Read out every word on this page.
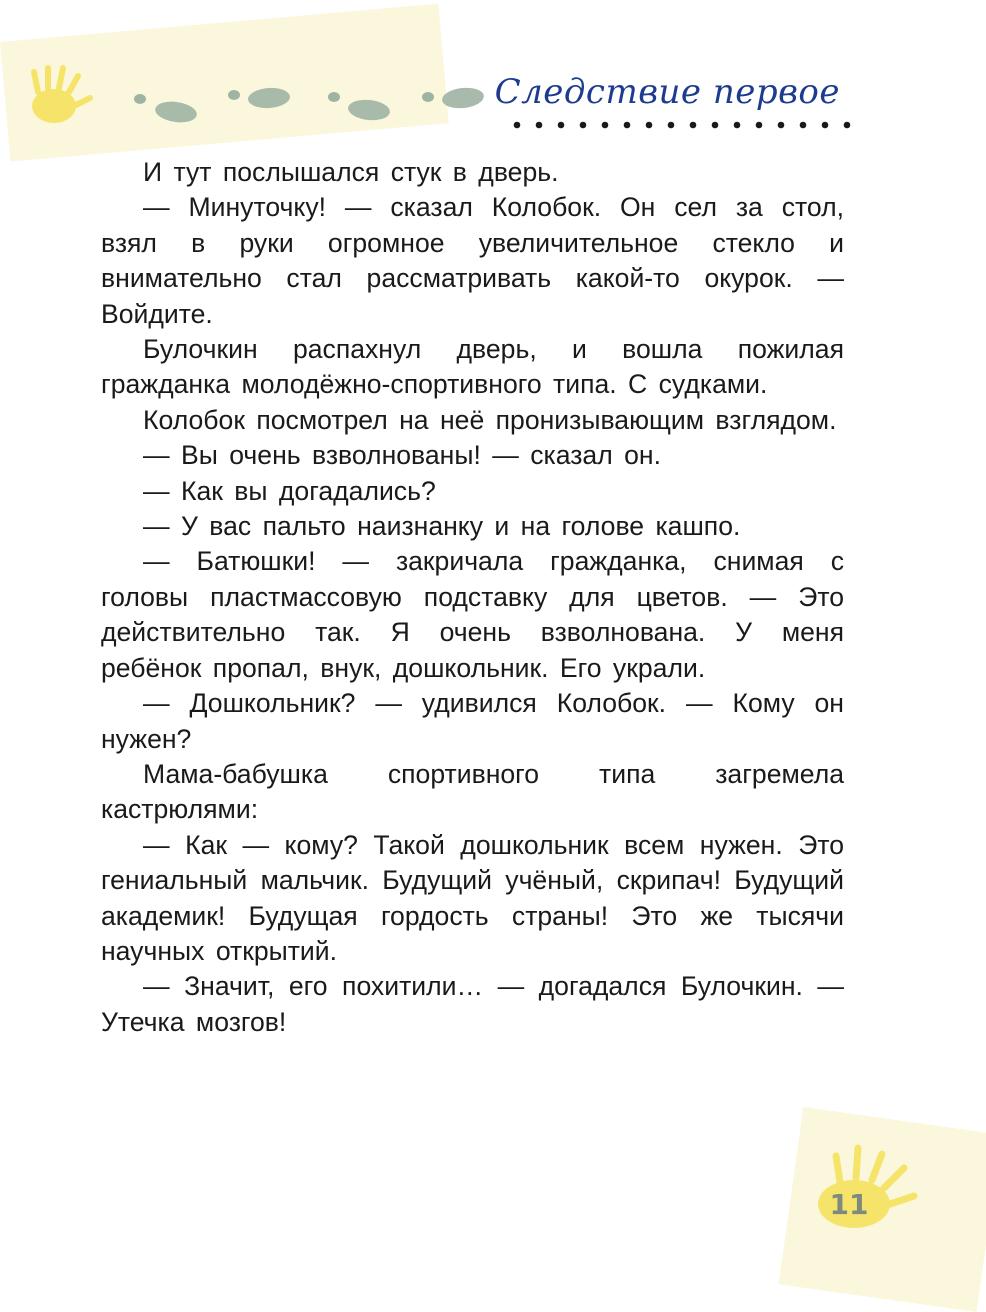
Следствие первое

И тут послышался стук в дверь.

— Минуточку! — сказал Колобок. Он сел за стол, взял в руки огромное увеличительное стекло и внимательно стал рассматривать какой-то окурок. — Войдите.

Булочкин распахнул дверь, и вошла пожилая гражданка молодёжно-спортивного типа. С судками.

Колобок посмотрел на неё пронизывающим взглядом.

— Вы очень взволнованы! — сказал он.

— Как вы догадались?

— У вас пальто наизнанку и на голове кашпо.

— Батюшки! — закричала гражданка, снимая с головы пластмассовую подставку для цветов. — Это действительно так. Я очень взволнована. У меня ребёнок пропал, внук, дошкольник. Его украли.

— Дошкольник? — удивился Колобок. — Кому он нужен?

Мама-бабушка спортивного типа загремела кастрюлями:

— Как — кому? Такой дошкольник всем нужен. Это гениальный мальчик. Будущий учёный, скрипач! Будущий академик! Будущая гордость страны! Это же тысячи научных открытий.

— Значит, его похитили… — догадался Булочкин. — Утечка мозгов!

11
